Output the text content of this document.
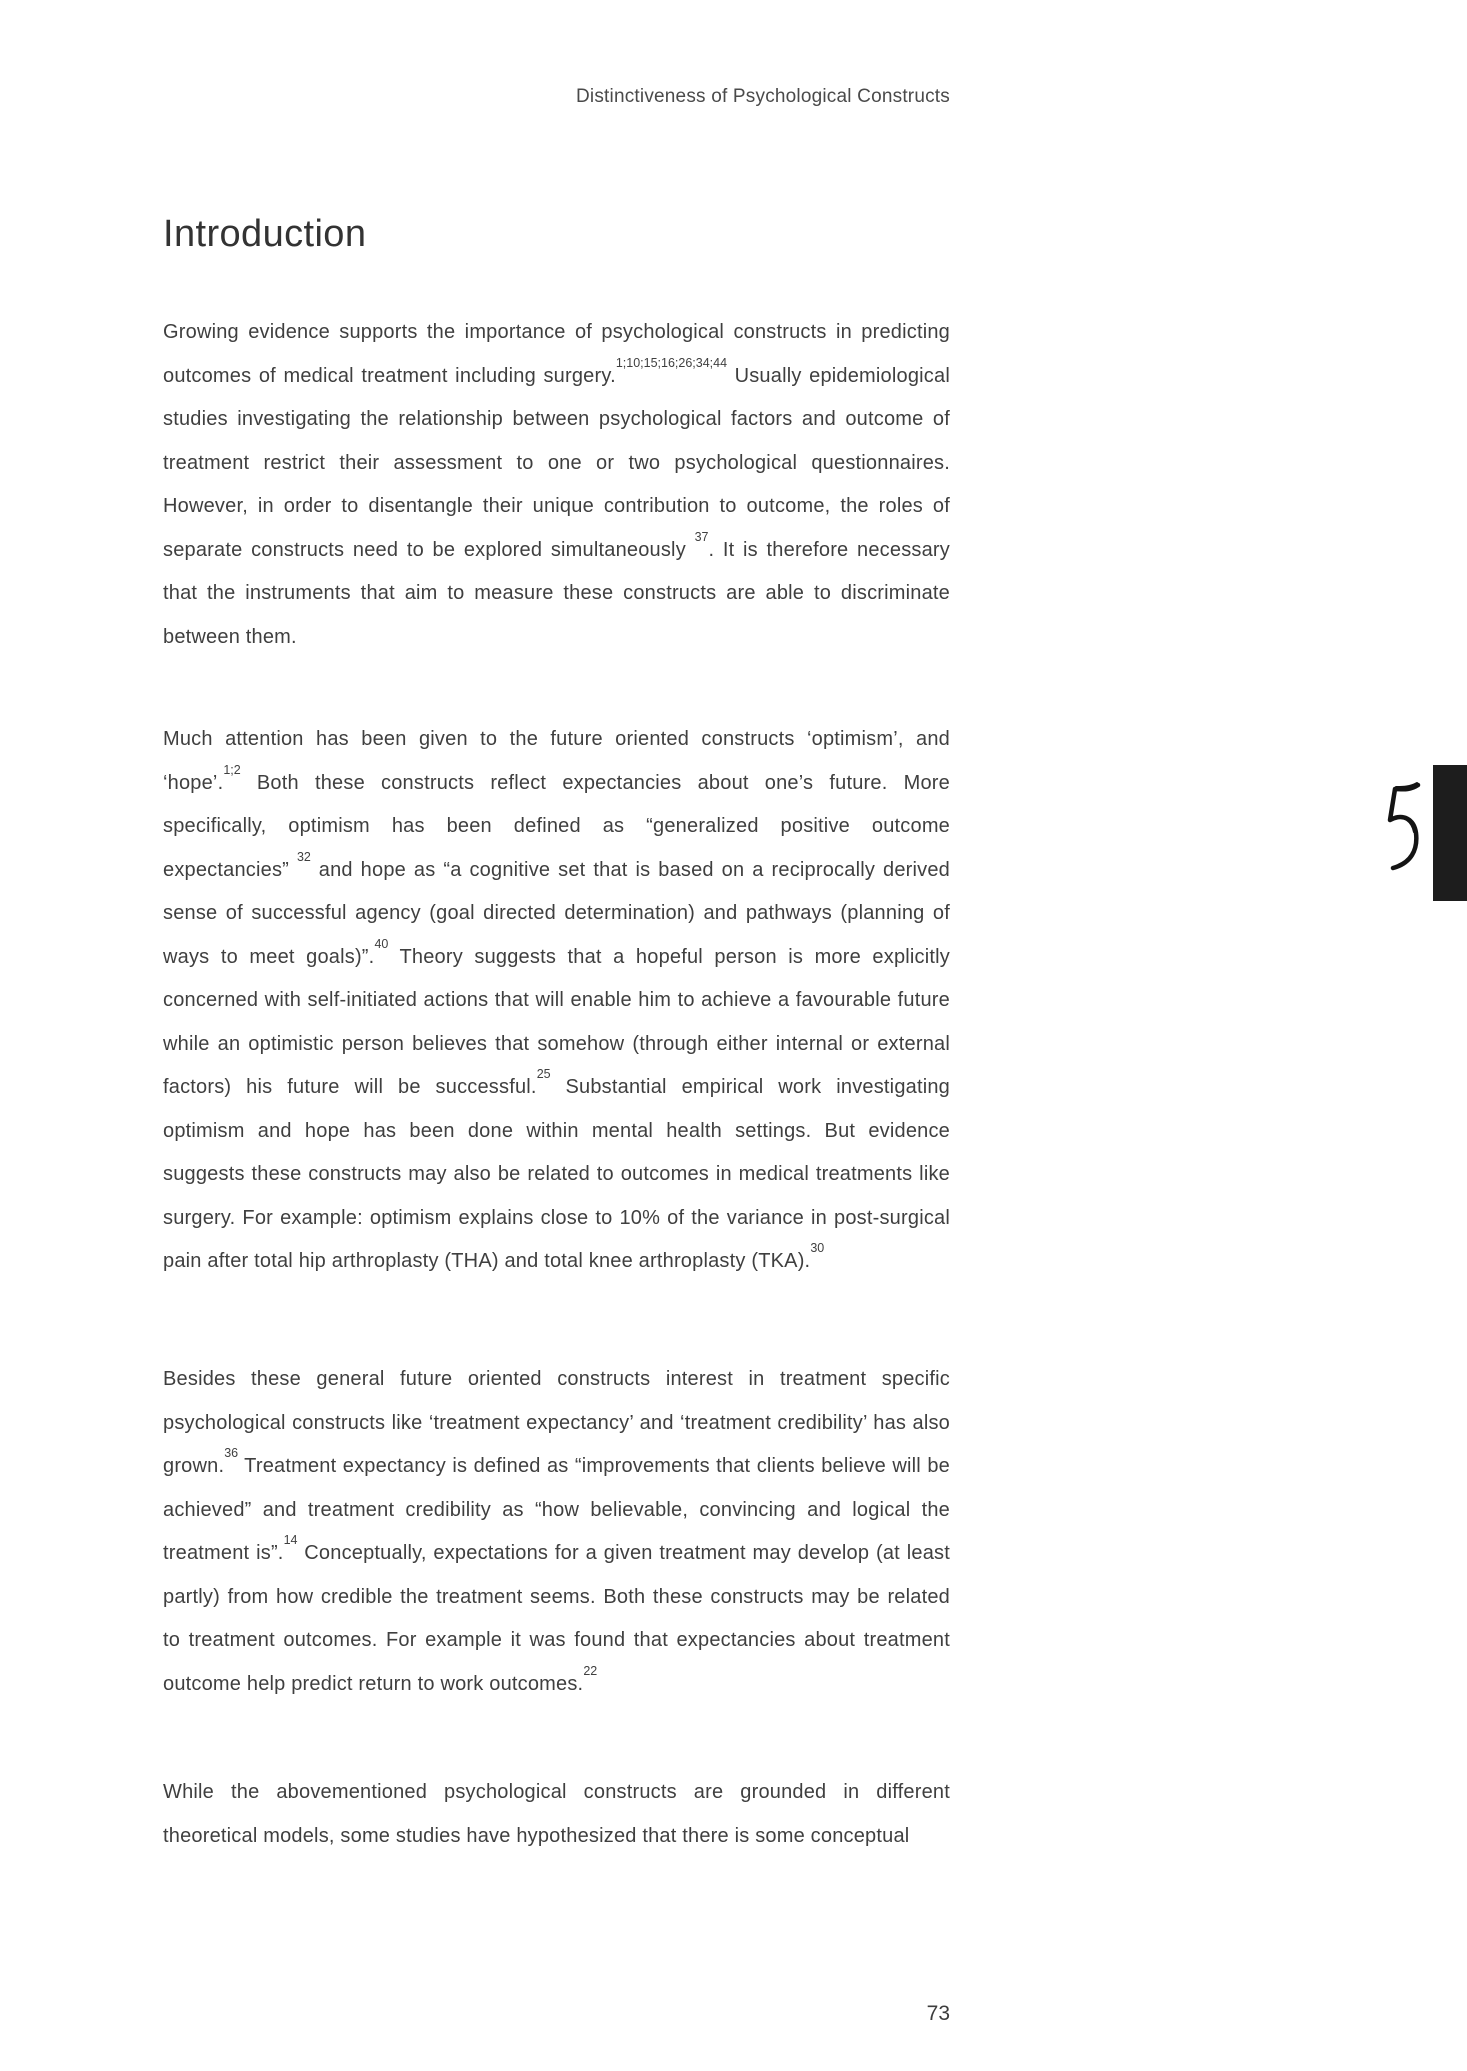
Distinctiveness of Psychological Constructs
Introduction

Growing evidence supports the importance of psychological constructs in predicting outcomes of medical treatment including surgery.$^{1;10;15;16;26;34;44}$ Usually epidemiological studies investigating the relationship between psychological factors and outcome of treatment restrict their assessment to one or two psychological questionnaires. However, in order to disentangle their unique contribution to outcome, the roles of separate constructs need to be explored simultaneously $^{37}$. It is therefore necessary that the instruments that aim to measure these constructs are able to discriminate between them.

Much attention has been given to the future oriented constructs ‘optimism’, and ‘hope’.$^{1;2}$ Both these constructs reflect expectancies about one’s future. More specifically, optimism has been defined as “generalized positive outcome expectancies” $^{32}$ and hope as “a cognitive set that is based on a reciprocally derived sense of successful agency (goal directed determination) and pathways (planning of ways to meet goals)”.$^{40}$ Theory suggests that a hopeful person is more explicitly concerned with self-initiated actions that will enable him to achieve a favourable future while an optimistic person believes that somehow (through either internal or external factors) his future will be successful.$^{25}$ Substantial empirical work investigating optimism and hope has been done within mental health settings. But evidence suggests these constructs may also be related to outcomes in medical treatments like surgery. For example: optimism explains close to 10% of the variance in post-surgical pain after total hip arthroplasty (THA) and total knee arthroplasty (TKA).$^{30}$

Besides these general future oriented constructs interest in treatment specific psychological constructs like ‘treatment expectancy’ and ‘treatment credibility’ has also grown.$^{36}$ Treatment expectancy is defined as “improvements that clients believe will be achieved” and treatment credibility as “how believable, convincing and logical the treatment is”.$^{14}$ Conceptually, expectations for a given treatment may develop (at least partly) from how credible the treatment seems. Both these constructs may be related to treatment outcomes. For example it was found that expectancies about treatment outcome help predict return to work outcomes.$^{22}$

While the abovementioned psychological constructs are grounded in different theoretical models, some studies have hypothesized that there is some conceptual

73
